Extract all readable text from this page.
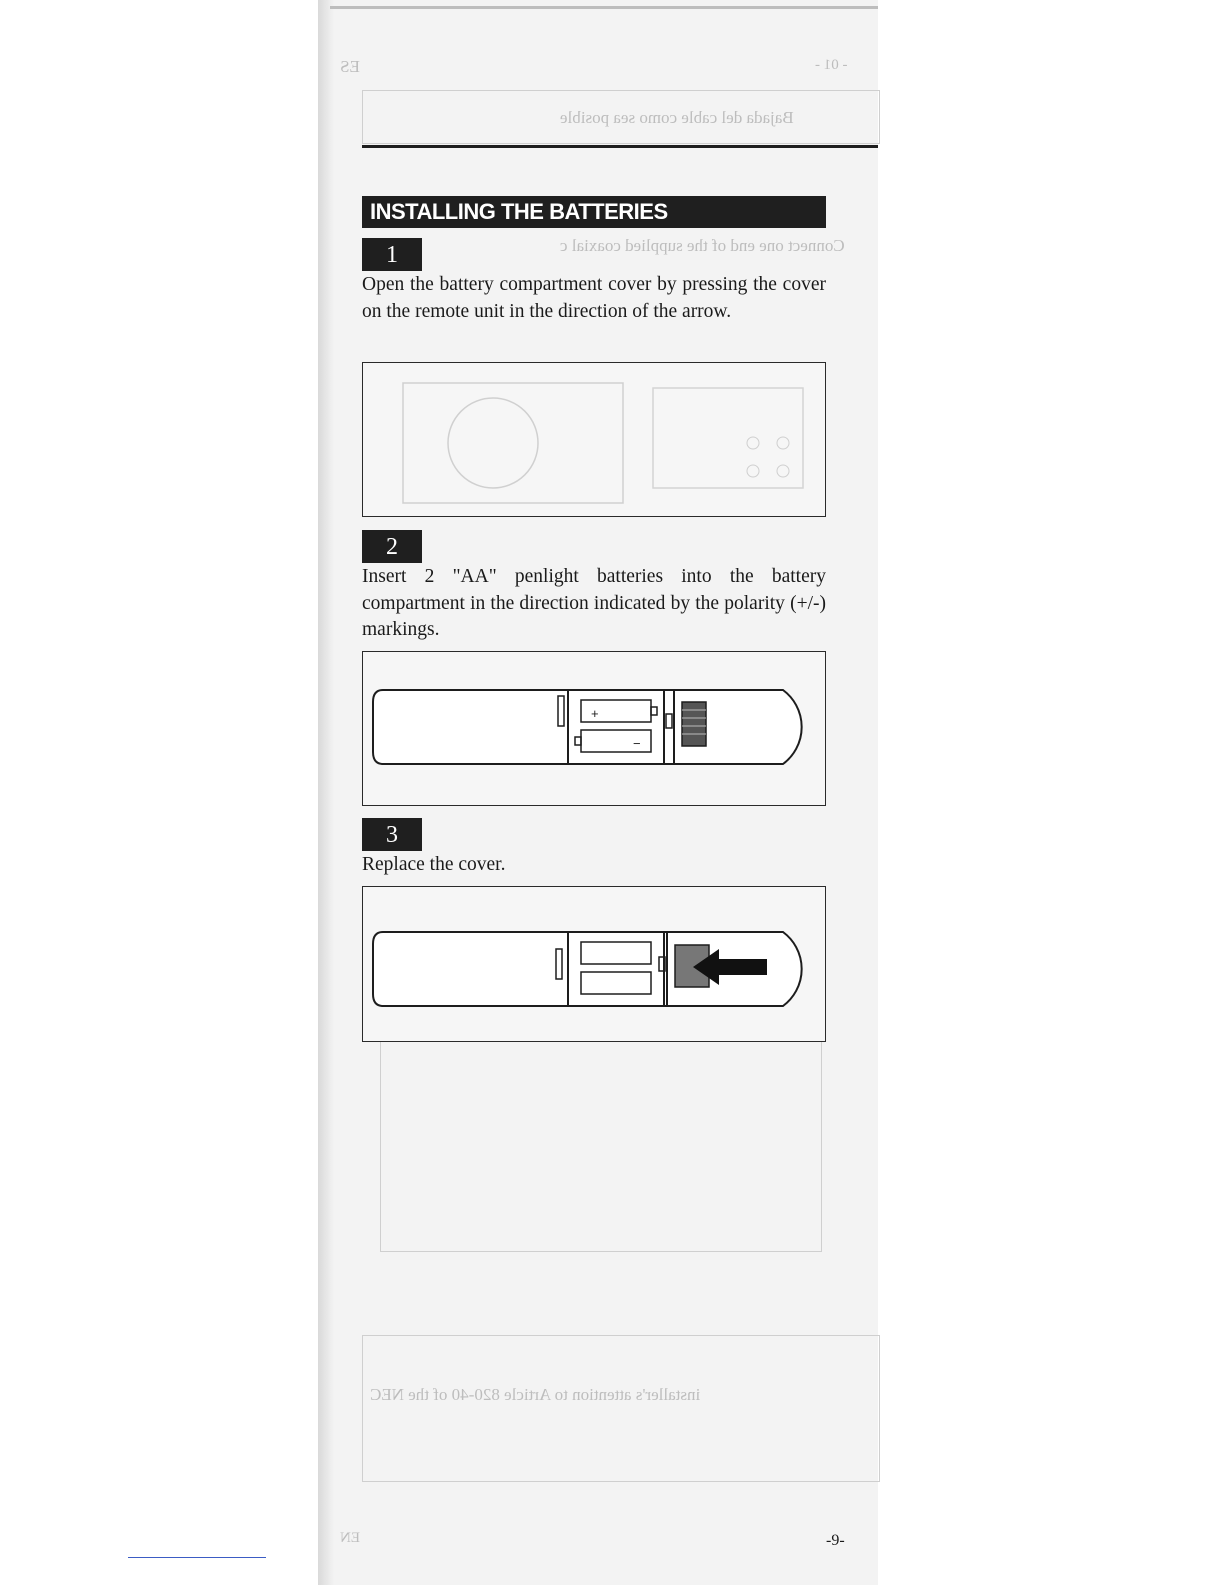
ES	- 01 -
Bajada del cable como sea posible
Connect one end of the supplied coaxial c
installer's attention to Article 820-40 of the NEC
EN
INSTALLING THE BATTERIES
1
Open the battery compartment cover by pressing the cover on the remote unit in the direction of the arrow.
2
Insert 2 "AA" penlight batteries into the battery compartment in the direction indicated by the polarity (+/-) markings.
+
−
3
Replace the cover.
-9-
